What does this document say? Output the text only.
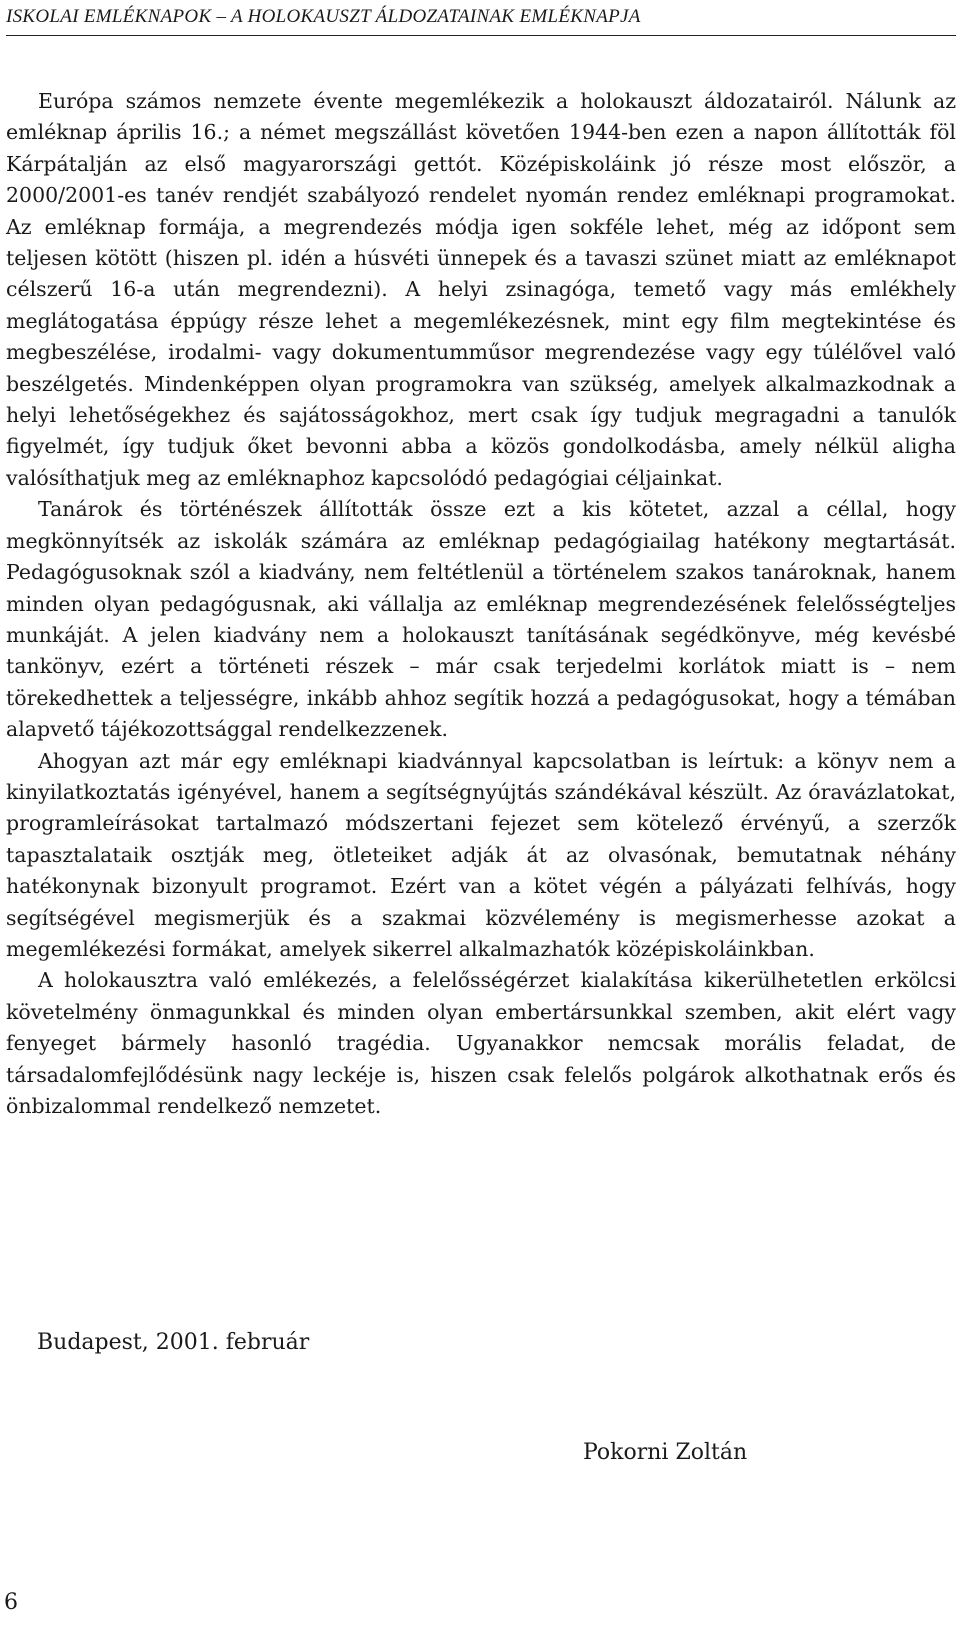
ISKOLAI EMLÉKNAPOK – A HOLOKAUSZT ÁLDOZATAINAK EMLÉKNAPJA

Európa számos nemzete évente megemlékezik a holokauszt áldozatairól. Nálunk az emléknap április 16.; a német megszállást követően 1944-ben ezen a napon állították föl Kárpátalján az első magyarországi gettót. Középiskoláink jó része most először, a 2000/2001-es tanév rendjét szabályozó rendelet nyomán rendez emléknapi programokat. Az emléknap formája, a megrendezés módja igen sokféle lehet, még az időpont sem teljesen kötött (hiszen pl. idén a húsvéti ünnepek és a tavaszi szünet miatt az emléknapot célszerű 16-a után megrendezni). A helyi zsinagóga, temető vagy más emlékhely meglátogatása éppúgy része lehet a megemlékezésnek, mint egy film megtekintése és megbeszélése, irodalmi- vagy dokumentumműsor megrendezése vagy egy túlélővel való beszélgetés. Mindenképpen olyan programokra van szükség, amelyek alkalmazkodnak a helyi lehetőségekhez és sajátosságokhoz, mert csak így tudjuk megragadni a tanulók figyelmét, így tudjuk őket bevonni abba a közös gondolkodásba, amely nélkül aligha valósíthatjuk meg az emléknaphoz kapcsolódó pedagógiai céljainkat.

Tanárok és történészek állították össze ezt a kis kötetet, azzal a céllal, hogy megkönnyítsék az iskolák számára az emléknap pedagógiailag hatékony megtartását. Pedagógusoknak szól a kiadvány, nem feltétlenül a történelem szakos tanároknak, hanem minden olyan pedagógusnak, aki vállalja az emléknap megrendezésének felelősségteljes munkáját. A jelen kiadvány nem a holokauszt tanításának segédkönyve, még kevésbé tankönyv, ezért a történeti részek – már csak terjedelmi korlátok miatt is – nem törekedhettek a teljességre, inkább ahhoz segítik hozzá a pedagógusokat, hogy a témában alapvető tájékozottsággal rendelkezzenek.

Ahogyan azt már egy emléknapi kiadvánnyal kapcsolatban is leírtuk: a könyv nem a kinyilatkoztatás igényével, hanem a segítségnyújtás szándékával készült. Az óravázlatokat, programleírásokat tartalmazó módszertani fejezet sem kötelező érvényű, a szerzők tapasztalataik osztják meg, ötleteiket adják át az olvasónak, bemutatnak néhány hatékonynak bizonyult programot. Ezért van a kötet végén a pályázati felhívás, hogy segítségével megismerjük és a szakmai közvélemény is megismerhesse azokat a megemlékezési formákat, amelyek sikerrel alkalmazhatók középiskoláinkban.

A holokausztra való emlékezés, a felelősségérzet kialakítása kikerülhetetlen erkölcsi követelmény önmagunkkal és minden olyan embertársunkkal szemben, akit elért vagy fenyeget bármely hasonló tragédia. Ugyanakkor nemcsak morális feladat, de társadalomfejlődésünk nagy leckéje is, hiszen csak felelős polgárok alkothatnak erős és önbizalommal rendelkező nemzetet.

Budapest, 2001. február
Pokorni Zoltán
6
